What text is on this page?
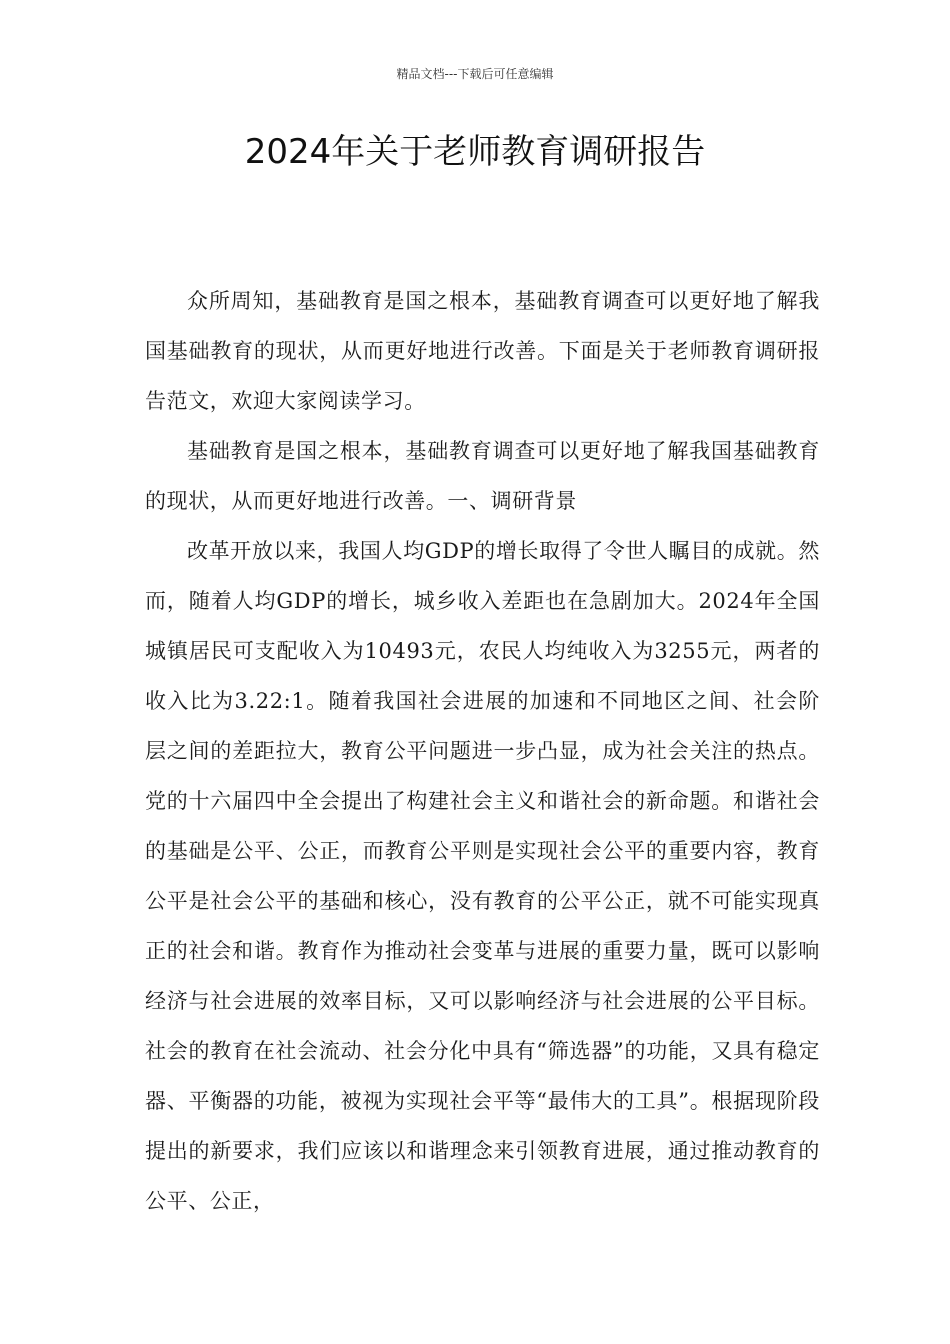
精品文档---下载后可任意编辑
2024年关于老师教育调研报告

众所周知，基础教育是国之根本，基础教育调查可以更好地了解我国基础教育的现状，从而更好地进行改善。下面是关于老师教育调研报告范文，欢迎大家阅读学习。

基础教育是国之根本，基础教育调查可以更好地了解我国基础教育的现状，从而更好地进行改善。一、调研背景

改革开放以来，我国人均GDP的增长取得了令世人瞩目的成就。然而，随着人均GDP的增长，城乡收入差距也在急剧加大。2024年全国城镇居民可支配收入为10493元，农民人均纯收入为3255元，两者的收入比为3.22:1。随着我国社会进展的加速和不同地区之间、社会阶层之间的差距拉大，教育公平问题进一步凸显，成为社会关注的热点。党的十六届四中全会提出了构建社会主义和谐社会的新命题。和谐社会的基础是公平、公正，而教育公平则是实现社会公平的重要内容，教育公平是社会公平的基础和核心，没有教育的公平公正，就不可能实现真正的社会和谐。教育作为推动社会变革与进展的重要力量，既可以影响经济与社会进展的效率目标，又可以影响经济与社会进展的公平目标。社会的教育在社会流动、社会分化中具有“筛选器”的功能，又具有稳定器、平衡器的功能，被视为实现社会平等“最伟大的工具”。根据现阶段提出的新要求，我们应该以和谐理念来引领教育进展，通过推动教育的公平、公正，
